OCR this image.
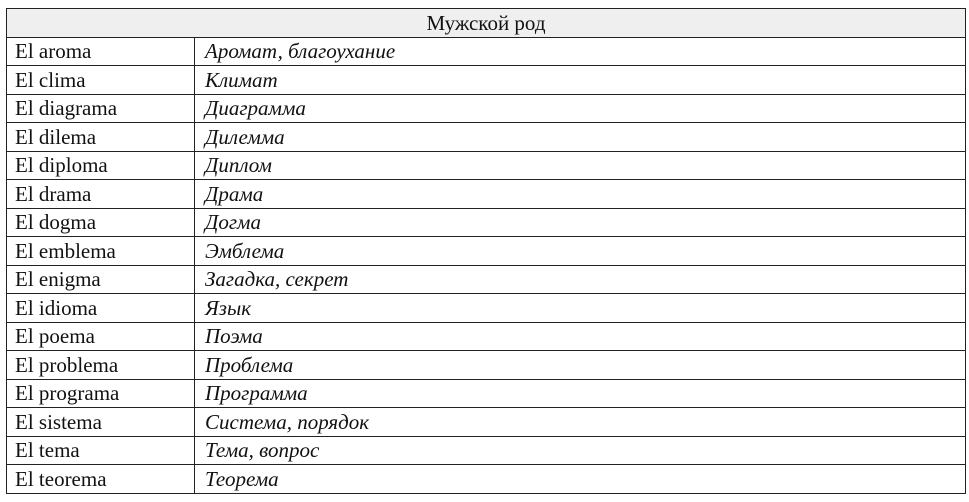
Мужской род	
El aroma	Аромат, благоухание
El clima	Климат
El diagrama	Диаграмма
El dilema	Дилемма
El diploma	Диплом
El drama	Драма
El dogma	Догма
El emblema	Эмблема
El enigma	Загадка, секрет
El idioma	Язык
El poema	Поэма
El problema	Проблема
El programa	Программа
El sistema	Система, порядок
El tema	Тема, вопрос
El teorema	Теорема
